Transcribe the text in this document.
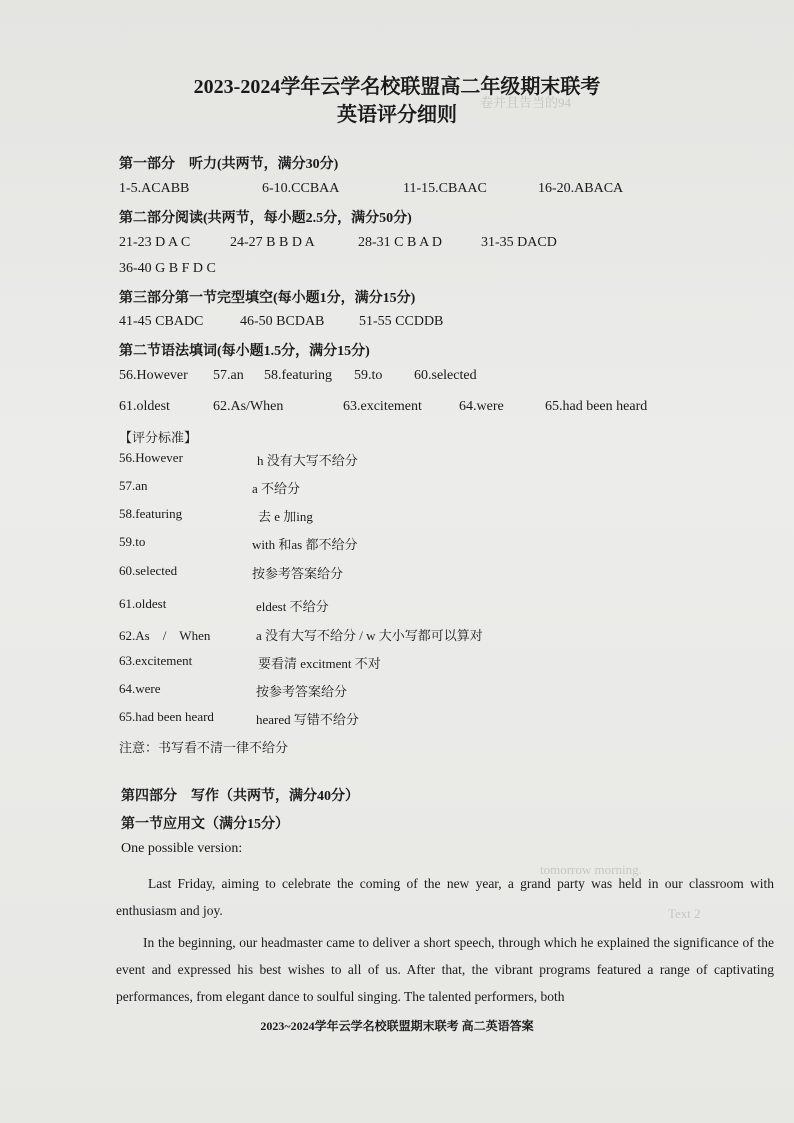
卷并且告当的94
tomorrow morning.
Text 2
2023-2024学年云学名校联盟高二年级期末联考
英语评分细则
第一部分　听力(共两节，满分30分)
1-5.ACABB	6-10.CCBAA	11-15.CBAAC	16-20.ABACA
第二部分阅读(共两节，每小题2.5分，满分50分)
21-23 D A C	24-27 B B D A	28-31 C B A D	31-35 DACD
36-40 G B F D C
第三部分第一节完型填空(每小题1分，满分15分)
41-45 CBADC	46-50 BCDAB 51-55 CCDDB
第二节语法填词(每小题1.5分，满分15分)
56.However 57.an 58.featuring 59.to 60.selected
61.oldest	62.As/When	63.excitement	64.were	65.had been heard
【评分标准】
56.However	h 没有大写不给分
57.an	a 不给分
58.featuring	去 e 加ing
59.to	with 和as 都不给分
60.selected	按参考答案给分
61.oldest	eldest 不给分
62.As　/　When	a 没有大写不给分 / w 大小写都可以算对
63.excitement	要看清 excitment 不对
64.were	按参考答案给分
65.had been heard	heared 写错不给分
注意：书写看不清一律不给分
第四部分　写作（共两节，满分40分）
第一节应用文（满分15分）
One possible version:
Last Friday, aiming to celebrate the coming of the new year, a grand party was held in our classroom with enthusiasm and joy.
In the beginning, our headmaster came to deliver a short speech, through which he explained the significance of the event and expressed his best wishes to all of us. After that, the vibrant programs featured a range of captivating performances, from elegant dance to soulful singing. The talented performers, both
2023~2024学年云学名校联盟期末联考 高二英语答案
